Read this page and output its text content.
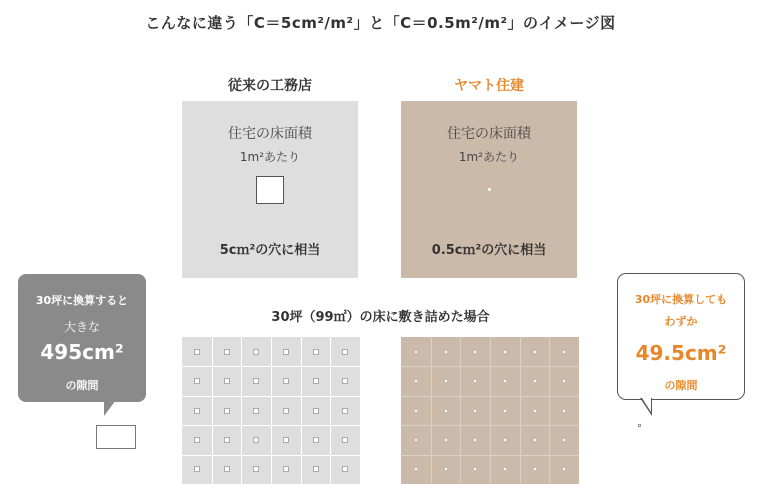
こんなに違う「C＝5cm²/m²」と「C＝0.5m²/m²」のイメージ図
従来の工務店	ヤマト住建
住宅の床面積
1m²あたり
5cｍ²の穴に相当
住宅の床面積
1m²あたり
0.5cｍ²の穴に相当
30坪（99㎡）の床に敷き詰めた場合
30坪に換算すると
大きな
495cm²
の隙間
30坪に換算しても
わずか
49.5cm²
の隙間
